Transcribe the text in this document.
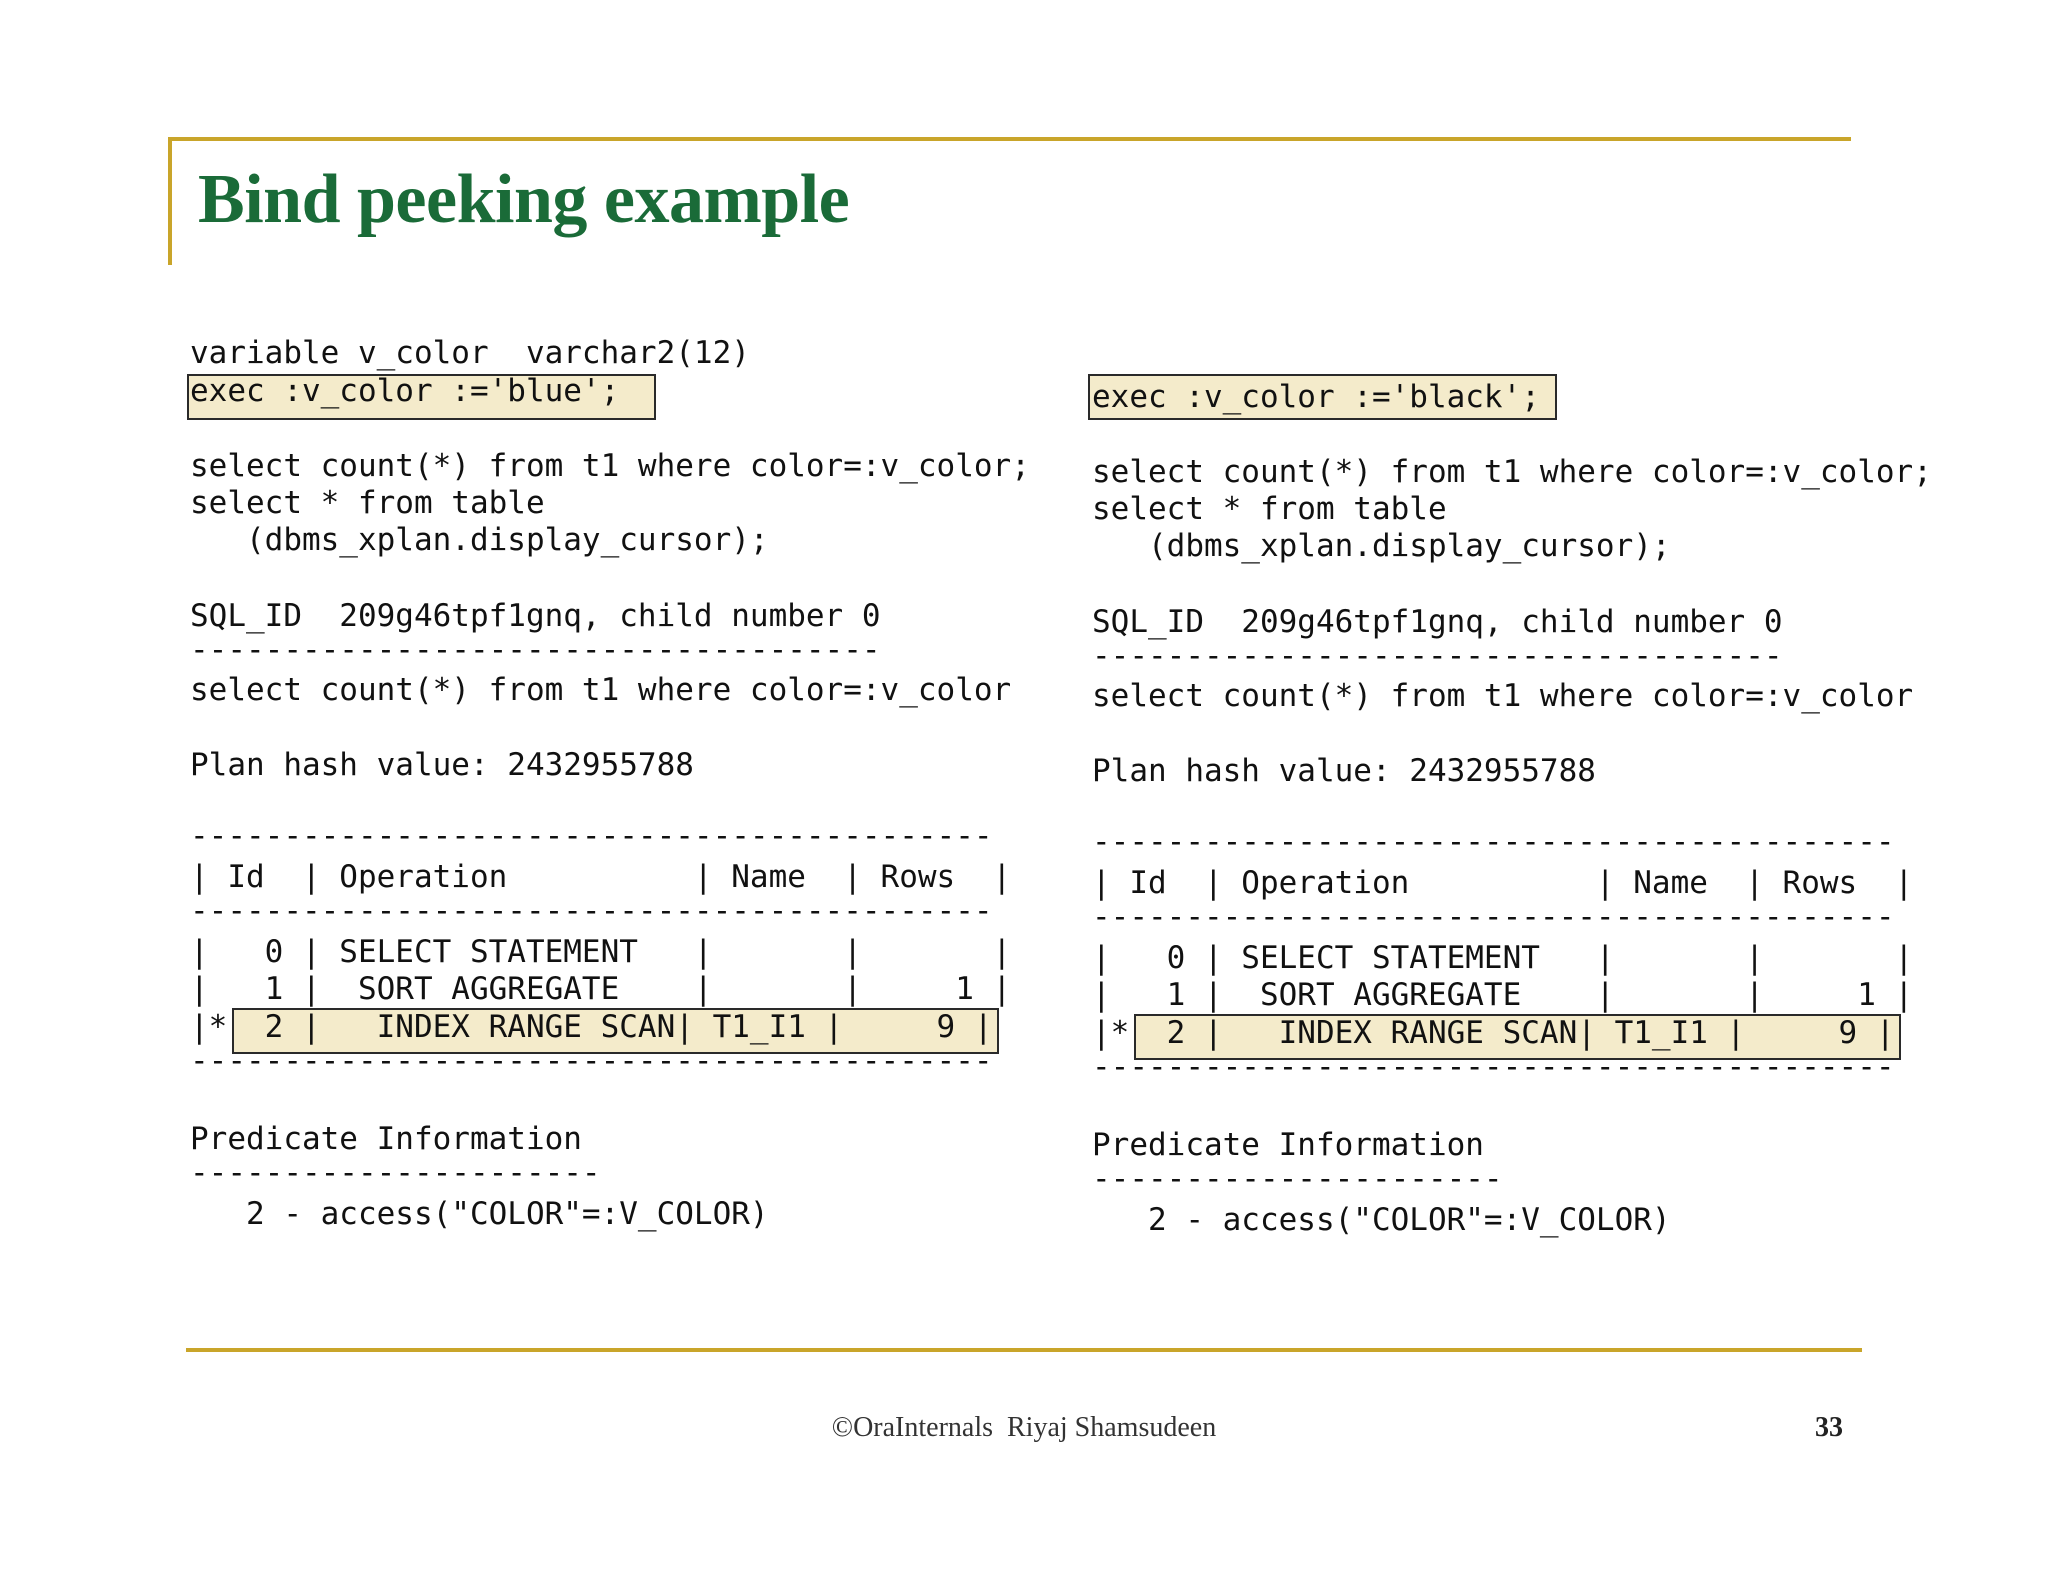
Bind peeking example
variable v_color  varchar2(12)
exec :v_color :='blue';
select count(*) from t1 where color=:v_color;
select * from table
(dbms_xplan.display_cursor);
SQL_ID  209g46tpf1gnq, child number 0
-------------------------------------
select count(*) from t1 where color=:v_color
Plan hash value: 2432955788
-------------------------------------------
| Id  | Operation          | Name  | Rows  |
-------------------------------------------
|   0 | SELECT STATEMENT   |       |       |
|   1 |  SORT AGGREGATE    |       |     1 |
|*  2 |   INDEX RANGE SCAN| T1_I1 |     9 |
-------------------------------------------
Predicate Information
----------------------
2 - access("COLOR"=:V_COLOR)
exec :v_color :='black';
select count(*) from t1 where color=:v_color;
select * from table
(dbms_xplan.display_cursor);
SQL_ID  209g46tpf1gnq, child number 0
-------------------------------------
select count(*) from t1 where color=:v_color
Plan hash value: 2432955788
-------------------------------------------
| Id  | Operation          | Name  | Rows  |
-------------------------------------------
|   0 | SELECT STATEMENT   |       |       |
|   1 |  SORT AGGREGATE    |       |     1 |
|*  2 |   INDEX RANGE SCAN| T1_I1 |     9 |
-------------------------------------------
Predicate Information
----------------------
2 - access("COLOR"=:V_COLOR)
©OraInternals  Riyaj Shamsudeen	33
